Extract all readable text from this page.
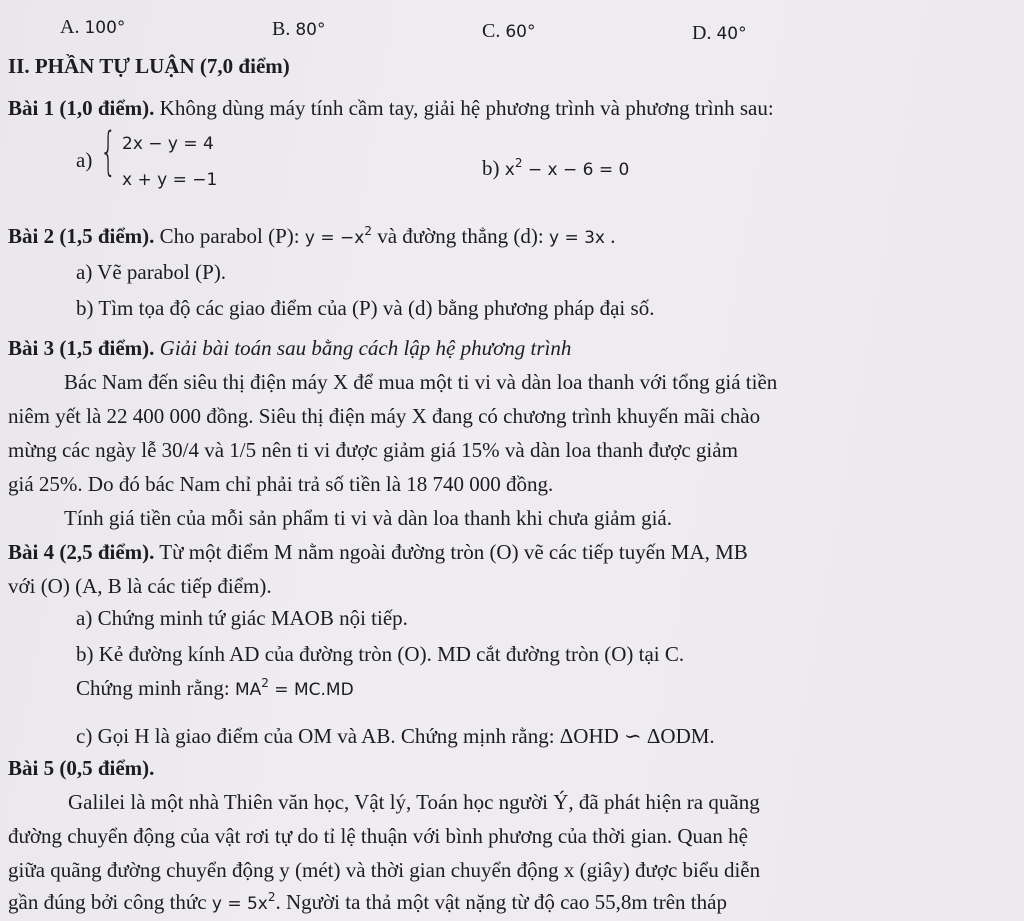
A. 100°	B. 80°	C. 60°	D. 40°
II. PHẦN TỰ LUẬN (7,0 điểm)
Bài 1 (1,0 điểm). Không dùng máy tính cầm tay, giải hệ phương trình và phương trình sau:
a) { 2x − y = 4
x + y = −1	b) $x^2 - x - 6 = 0$
Bài 2 (1,5 điểm). Cho parabol (P): $y = -x^2$ và đường thẳng (d): y = 3x .
a) Vẽ parabol (P).
b) Tìm tọa độ các giao điểm của (P) và (d) bằng phương pháp đại số.
Bài 3 (1,5 điểm). Giải bài toán sau bằng cách lập hệ phương trình
Bác Nam đến siêu thị điện máy X để mua một ti vi và dàn loa thanh với tổng giá tiền
niêm yết là 22 400 000 đồng. Siêu thị điện máy X đang có chương trình khuyến mãi chào
mừng các ngày lễ 30/4 và 1/5 nên ti vi được giảm giá 15% và dàn loa thanh được giảm
giá 25%. Do đó bác Nam chỉ phải trả số tiền là 18 740 000 đồng.
Tính giá tiền của mỗi sản phẩm ti vi và dàn loa thanh khi chưa giảm giá.
Bài 4 (2,5 điểm). Từ một điểm M nằm ngoài đường tròn (O) vẽ các tiếp tuyến MA, MB
với (O) (A, B là các tiếp điểm).
a) Chứng minh tứ giác MAOB nội tiếp.
b) Kẻ đường kính AD của đường tròn (O). MD cắt đường tròn (O) tại C.
Chứng minh rằng: $MA^2 = MC.MD$
c) Gọi H là giao điểm của OM và AB. Chứng mịnh rằng: ΔOHD ∽ ΔODM.
Bài 5 (0,5 điểm).
Galilei là một nhà Thiên văn học, Vật lý, Toán học người Ý, đã phát hiện ra quãng
đường chuyển động của vật rơi tự do tỉ lệ thuận với bình phương của thời gian. Quan hệ
giữa quãng đường chuyển động y (mét) và thời gian chuyển động x (giây) được biểu diễn
gần đúng bởi công thức $y = 5x^2$. Người ta thả một vật nặng từ độ cao 55,8m trên tháp
